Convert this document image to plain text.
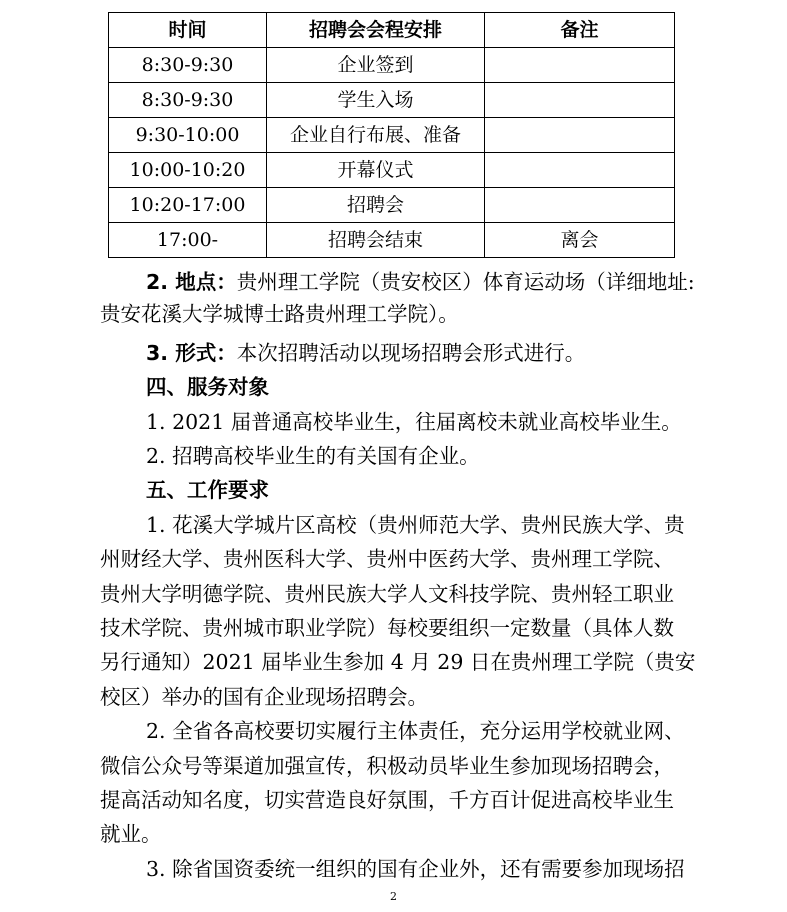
时间	招聘会会程安排	备注
8:30-9:30	企业签到	
8:30-9:30	学生入场	
9:30-10:00	企业自行布展、准备	
10:00-10:20	开幕仪式	
10:20-17:00	招聘会	
17:00-	招聘会结束	离会
2. 地点：贵州理工学院（贵安校区）体育运动场（详细地址:
贵安花溪大学城博士路贵州理工学院）。
3. 形式：本次招聘活动以现场招聘会形式进行。
四、服务对象
1. 2021 届普通高校毕业生，往届离校未就业高校毕业生。
2. 招聘高校毕业生的有关国有企业。
五、工作要求
1. 花溪大学城片区高校（贵州师范大学、贵州民族大学、贵
州财经大学、贵州医科大学、贵州中医药大学、贵州理工学院、
贵州大学明德学院、贵州民族大学人文科技学院、贵州轻工职业
技术学院、贵州城市职业学院）每校要组织一定数量（具体人数
另行通知）2021 届毕业生参加 4 月 29 日在贵州理工学院（贵安
校区）举办的国有企业现场招聘会。
2. 全省各高校要切实履行主体责任，充分运用学校就业网、
微信公众号等渠道加强宣传，积极动员毕业生参加现场招聘会，
提高活动知名度，切实营造良好氛围，千方百计促进高校毕业生
就业。
3. 除省国资委统一组织的国有企业外，还有需要参加现场招
2
